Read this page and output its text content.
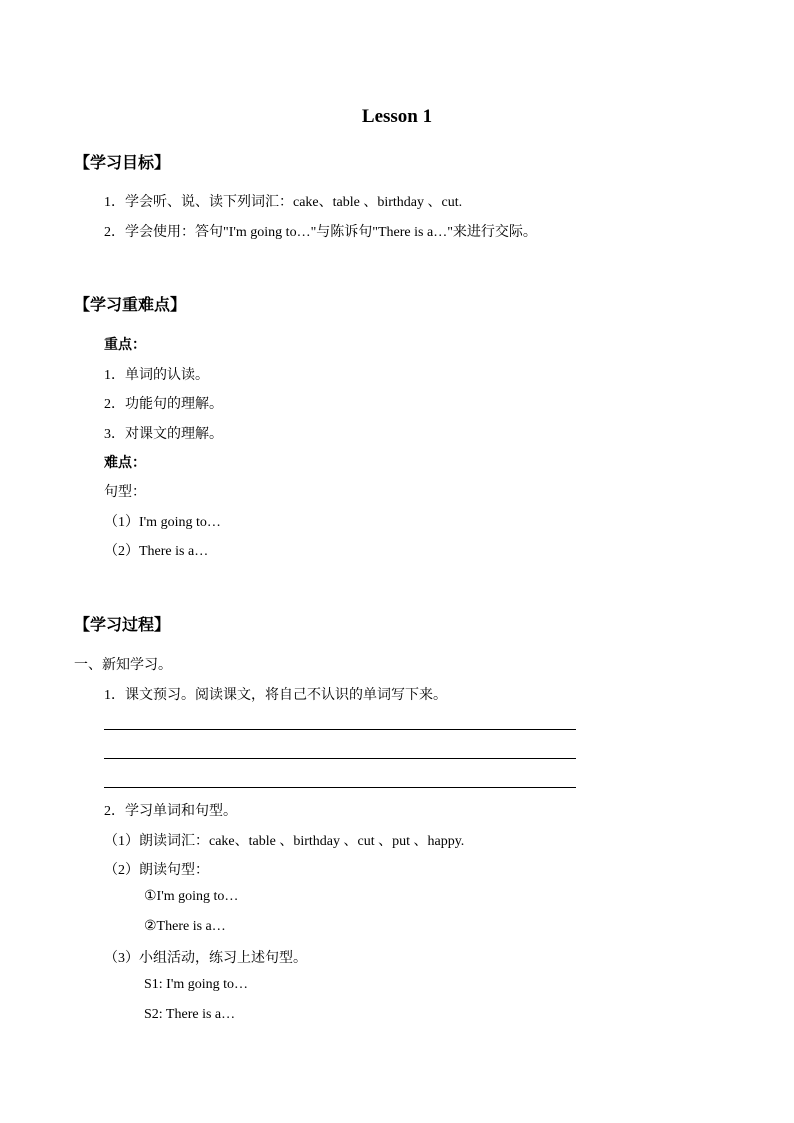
Lesson 1
【学习目标】
1．学会听、说、读下列词汇：cake、table 、birthday 、cut.
2．学会使用：答句"I'm going to…"与陈诉句"There is a…"来进行交际。
【学习重难点】
重点：
1．单词的认读。
2．功能句的理解。
3．对课文的理解。
难点：
句型：
（1）I'm going to…
（2）There is a…
【学习过程】
一、新知学习。
1．课文预习。阅读课文，将自己不认识的单词写下来。
2．学习单词和句型。
（1）朗读词汇：cake、table 、birthday 、cut 、put 、happy.
（2）朗读句型：
①I'm going to…
②There is a…
（3）小组活动，练习上述句型。
S1: I'm going to…
S2: There is a…
